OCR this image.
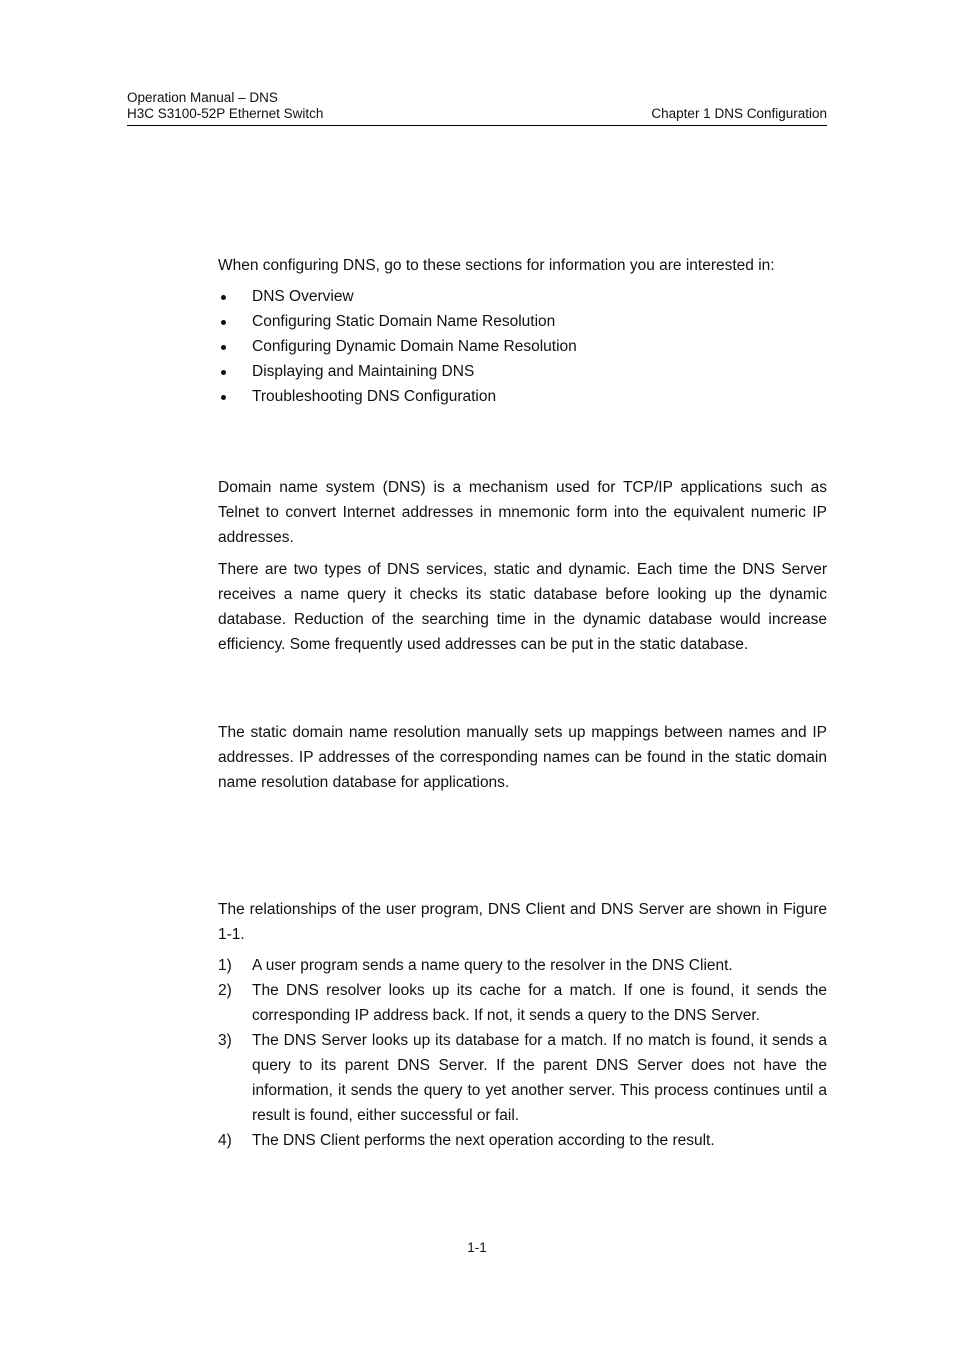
Operation Manual – DNS
H3C S3100-52P Ethernet Switch	Chapter 1 DNS Configuration

When configuring DNS, go to these sections for information you are interested in:

DNS Overview
Configuring Static Domain Name Resolution
Configuring Dynamic Domain Name Resolution
Displaying and Maintaining DNS
Troubleshooting DNS Configuration

Domain name system (DNS) is a mechanism used for TCP/IP applications such as Telnet to convert Internet addresses in mnemonic form into the equivalent numeric IP addresses.

There are two types of DNS services, static and dynamic. Each time the DNS Server receives a name query it checks its static database before looking up the dynamic database. Reduction of the searching time in the dynamic database would increase efficiency. Some frequently used addresses can be put in the static database.

The static domain name resolution manually sets up mappings between names and IP addresses. IP addresses of the corresponding names can be found in the static domain name resolution database for applications.

The relationships of the user program, DNS Client and DNS Server are shown in Figure 1-1.

1) A user program sends a name query to the resolver in the DNS Client.
2) The DNS resolver looks up its cache for a match. If one is found, it sends the corresponding IP address back. If not, it sends a query to the DNS Server.
3) The DNS Server looks up its database for a match. If no match is found, it sends a query to its parent DNS Server. If the parent DNS Server does not have the information, it sends the query to yet another server. This process continues until a result is found, either successful or fail.
4) The DNS Client performs the next operation according to the result.
1-1
